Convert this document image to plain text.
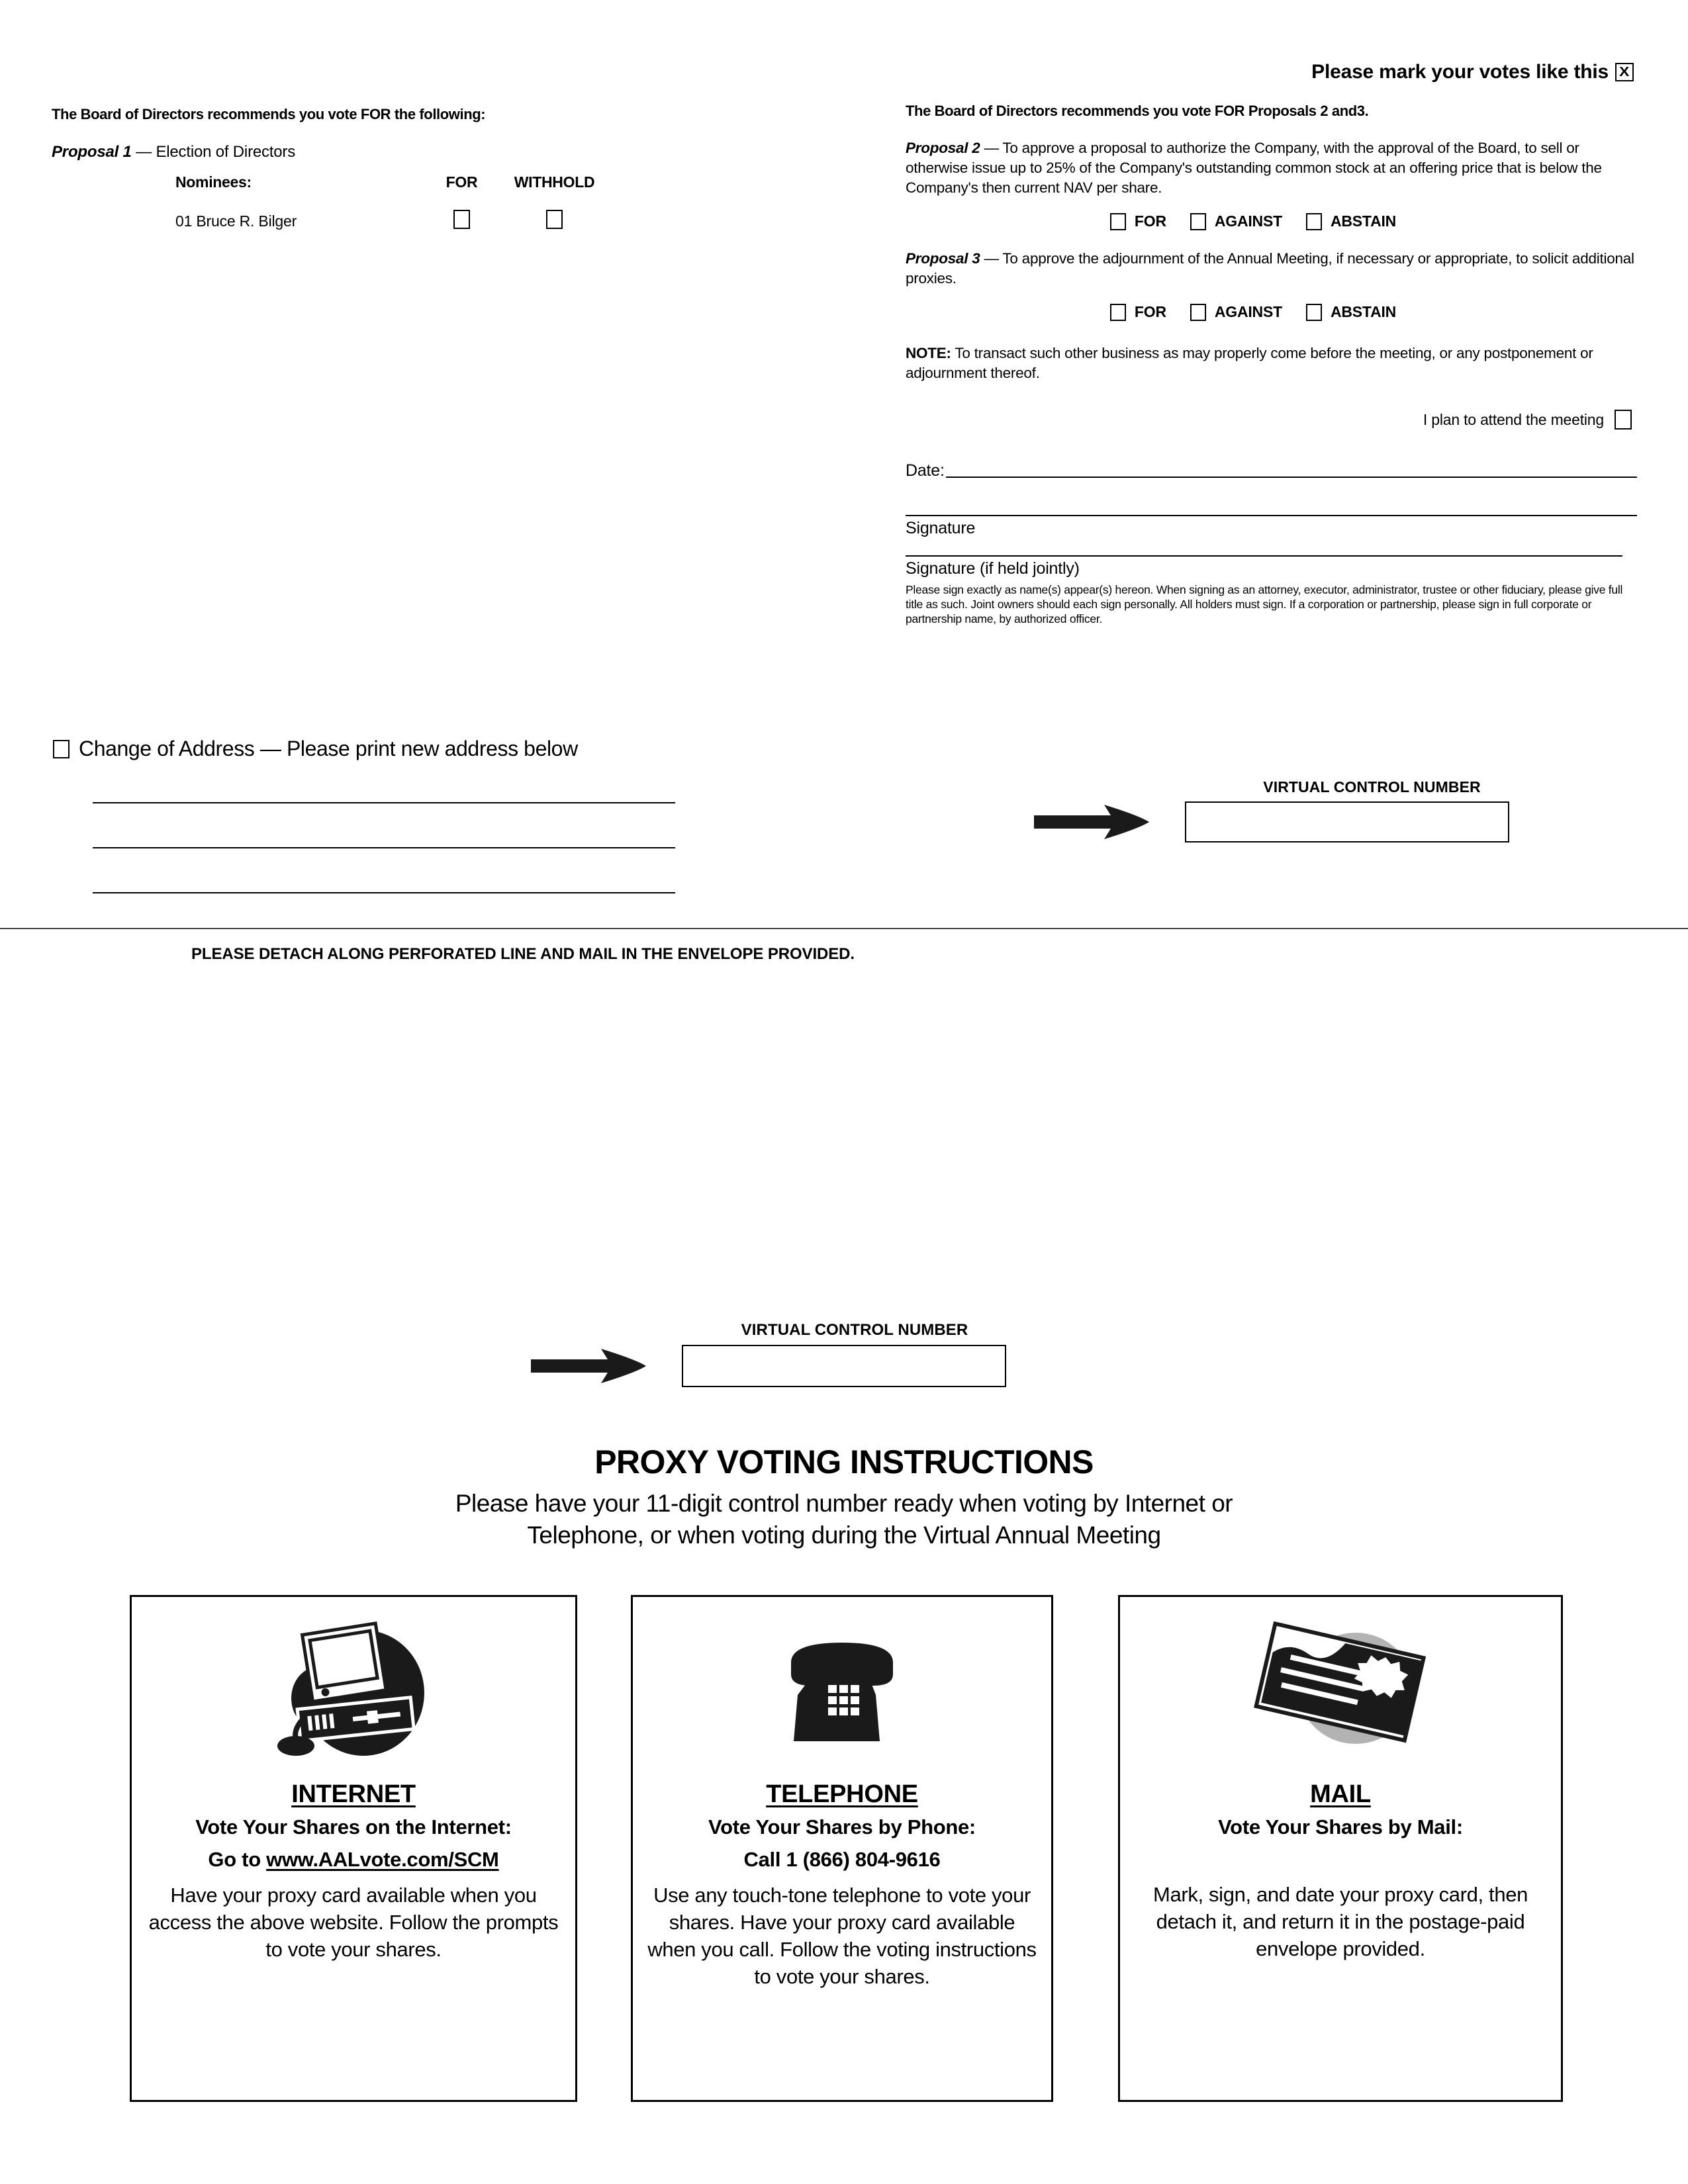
Please mark your votes like this X
The Board of Directors recommends you vote FOR the following:
Proposal 1 — Election of Directors
Nominees:	FOR	WITHHOLD
01 Bruce R. Bilger
Change of Address — Please print new address below
The Board of Directors recommends you vote FOR Proposals 2 and3.
Proposal 2 — To approve a proposal to authorize the Company, with the approval of the Board, to sell or otherwise issue up to 25% of the Company's outstanding common stock at an offering price that is below the Company's then current NAV per share.
FOR	AGAINST	ABSTAIN
Proposal 3 — To approve the adjournment of the Annual Meeting, if necessary or appropriate, to solicit additional proxies.
FOR	AGAINST	ABSTAIN
NOTE: To transact such other business as may properly come before the meeting, or any postponement or adjournment thereof.
I plan to attend the meeting
Date:
Signature
Signature (if held jointly)
Please sign exactly as name(s) appear(s) hereon. When signing as an attorney, executor, administrator, trustee or other fiduciary, please give full title as such. Joint owners should each sign personally. All holders must sign. If a corporation or partnership, please sign in full corporate or partnership name, by authorized officer.
VIRTUAL CONTROL NUMBER
PLEASE DETACH ALONG PERFORATED LINE AND MAIL IN THE ENVELOPE PROVIDED.
VIRTUAL CONTROL NUMBER
PROXY VOTING INSTRUCTIONS
Please have your 11-digit control number ready when voting by Internet or
Telephone, or when voting during the Virtual Annual Meeting
INTERNET
Vote Your Shares on the Internet:
Go to www.AALvote.com/SCM
Have your proxy card available when you access the above website. Follow the prompts to vote your shares.
TELEPHONE
Vote Your Shares by Phone:
Call 1 (866) 804-9616
Use any touch-tone telephone to vote your shares. Have your proxy card available when you call. Follow the voting instructions to vote your shares.
MAIL
Vote Your Shares by Mail:
Mark, sign, and date your proxy card, then detach it, and return it in the postage-paid envelope provided.
